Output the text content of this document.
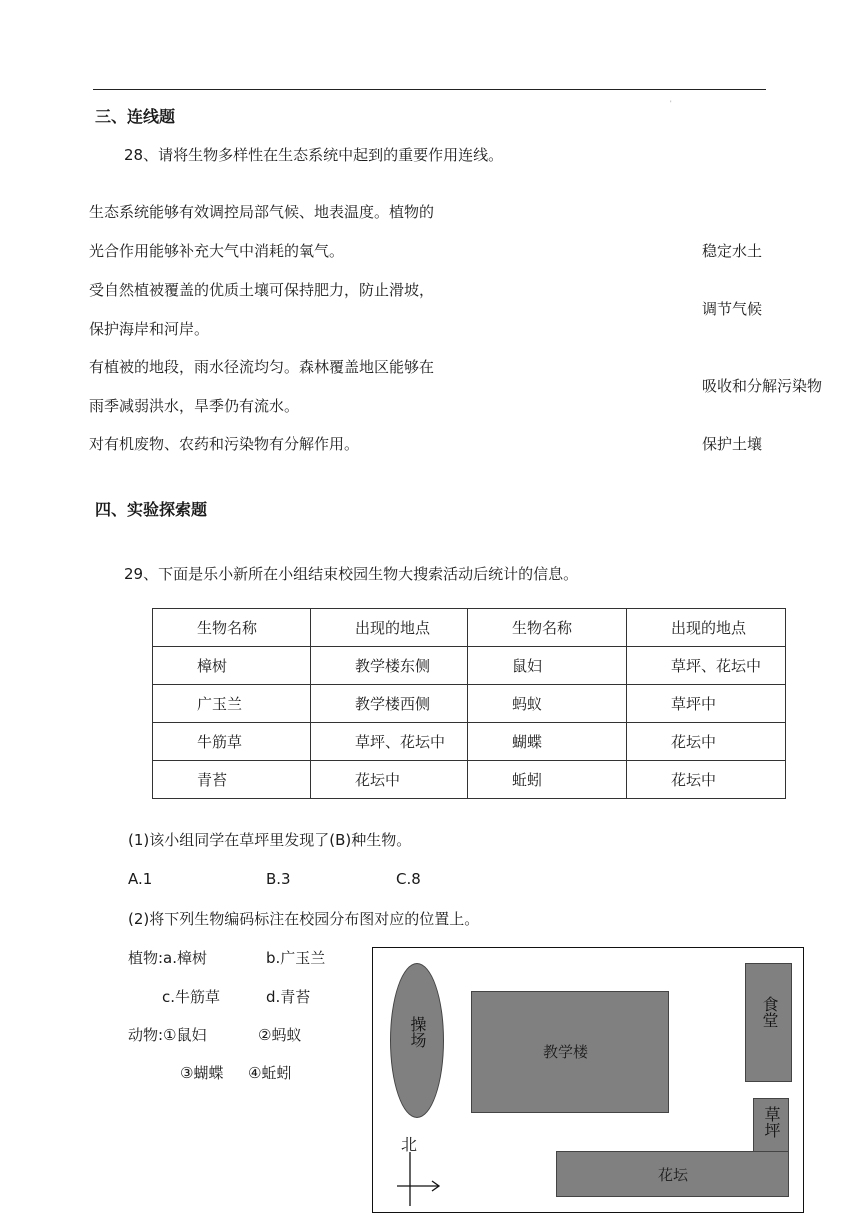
'
三、连线题
28、请将生物多样性在生态系统中起到的重要作用连线。
生态系统能够有效调控局部气候、地表温度。植物的
光合作用能够补充大气中消耗的氧气。
受自然植被覆盖的优质土壤可保持肥力，防止滑坡，
保护海岸和河岸。
有植被的地段，雨水径流均匀。森林覆盖地区能够在
雨季减弱洪水，旱季仍有流水。
对有机废物、农药和污染物有分解作用。
稳定水土
调节气候
吸收和分解污染物
保护土壤
四、实验探索题
29、下面是乐小新所在小组结束校园生物大搜索活动后统计的信息。
生物名称	出现的地点	生物名称	出现的地点
樟树	教学楼东侧	鼠妇	草坪、花坛中
广玉兰	教学楼西侧	蚂蚁	草坪中
牛筋草	草坪、花坛中	蝴蝶	花坛中
青苔	花坛中	蚯蚓	花坛中
(1)该小组同学在草坪里发现了(B)种生物。
A.1	B.3	C.8
(2)将下列生物编码标注在校园分布图对应的位置上。
植物:a.樟树	b.广玉兰
c.牛筋草	d.青苔
动物:①鼠妇	②蚂蚁
③蝴蝶 ④蚯蚓
操场
教学楼
食堂
草坪
花坛
北
